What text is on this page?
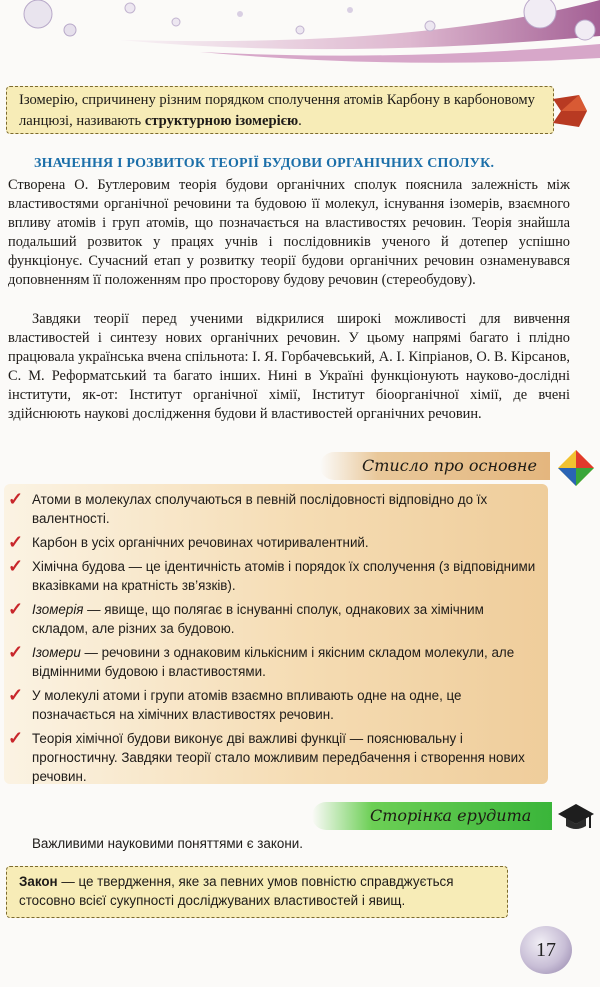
Ізомерію, спричинену різним порядком сполучення атомів Карбону в карбоновому ланцюзі, називають структурною ізомерією.
ЗНАЧЕННЯ І РОЗВИТОК ТЕОРІЇ БУДОВИ ОРГАНІЧНИХ СПОЛУК.

Створена О. Бутлеровим теорія будови органічних сполук пояснила залежність між властивостями органічної речовини та будовою її молекул, існування ізомерів, взаємного впливу атомів і груп атомів, що позначається на властивостях речовин. Теорія знайшла подальший розвиток у працях учнів і послідовників ученого й дотепер успішно функціонує. Сучасний етап у розвитку теорії будови органічних речовин ознаменувався доповненням її положенням про просторову будову речовин (стереобудову).

Завдяки теорії перед ученими відкрилися широкі можливості для вивчення властивостей і синтезу нових органічних речовин. У цьому напрямі багато і плідно працювала українська вчена спільнота: І. Я. Горбачевський, А. І. Кіпріанов, О. В. Кірсанов, С. М. Реформатський та багато інших. Нині в Україні функціонують науково-дослідні інститути, як-от: Інститут органічної хімії, Інститут біоорганічної хімії, де вчені здійснюють наукові дослідження будови й властивостей органічних речовин.

Стисло про основне
✓ Атоми в молекулах сполучаються в певній послідовності відповідно до їх валентності.
✓ Карбон в усіх органічних речовинах чотиривалентний.
✓ Хімічна будова — це ідентичність атомів і порядок їх сполучення (з відповідними вказівками на кратність зв’язків).
✓ Ізомерія — явище, що полягає в існуванні сполук, однакових за хімічним складом, але різних за будовою.
✓ Ізомери — речовини з однаковим кількісним і якісним складом молекули, але відмінними будовою і властивостями.
✓ У молекулі атоми і групи атомів взаємно впливають одне на одне, це позначається на хімічних властивостях речовин.
✓ Теорія хімічної будови виконує дві важливі функції — пояснювальну і прогностичну. Завдяки теорії стало можливим передбачення і створення нових речовин.
Сторінка ерудита
Важливими науковими поняттями є закони.
Закон — це твердження, яке за певних умов повністю справджується стосовно всієї сукупності досліджуваних властивостей і явищ.
17
